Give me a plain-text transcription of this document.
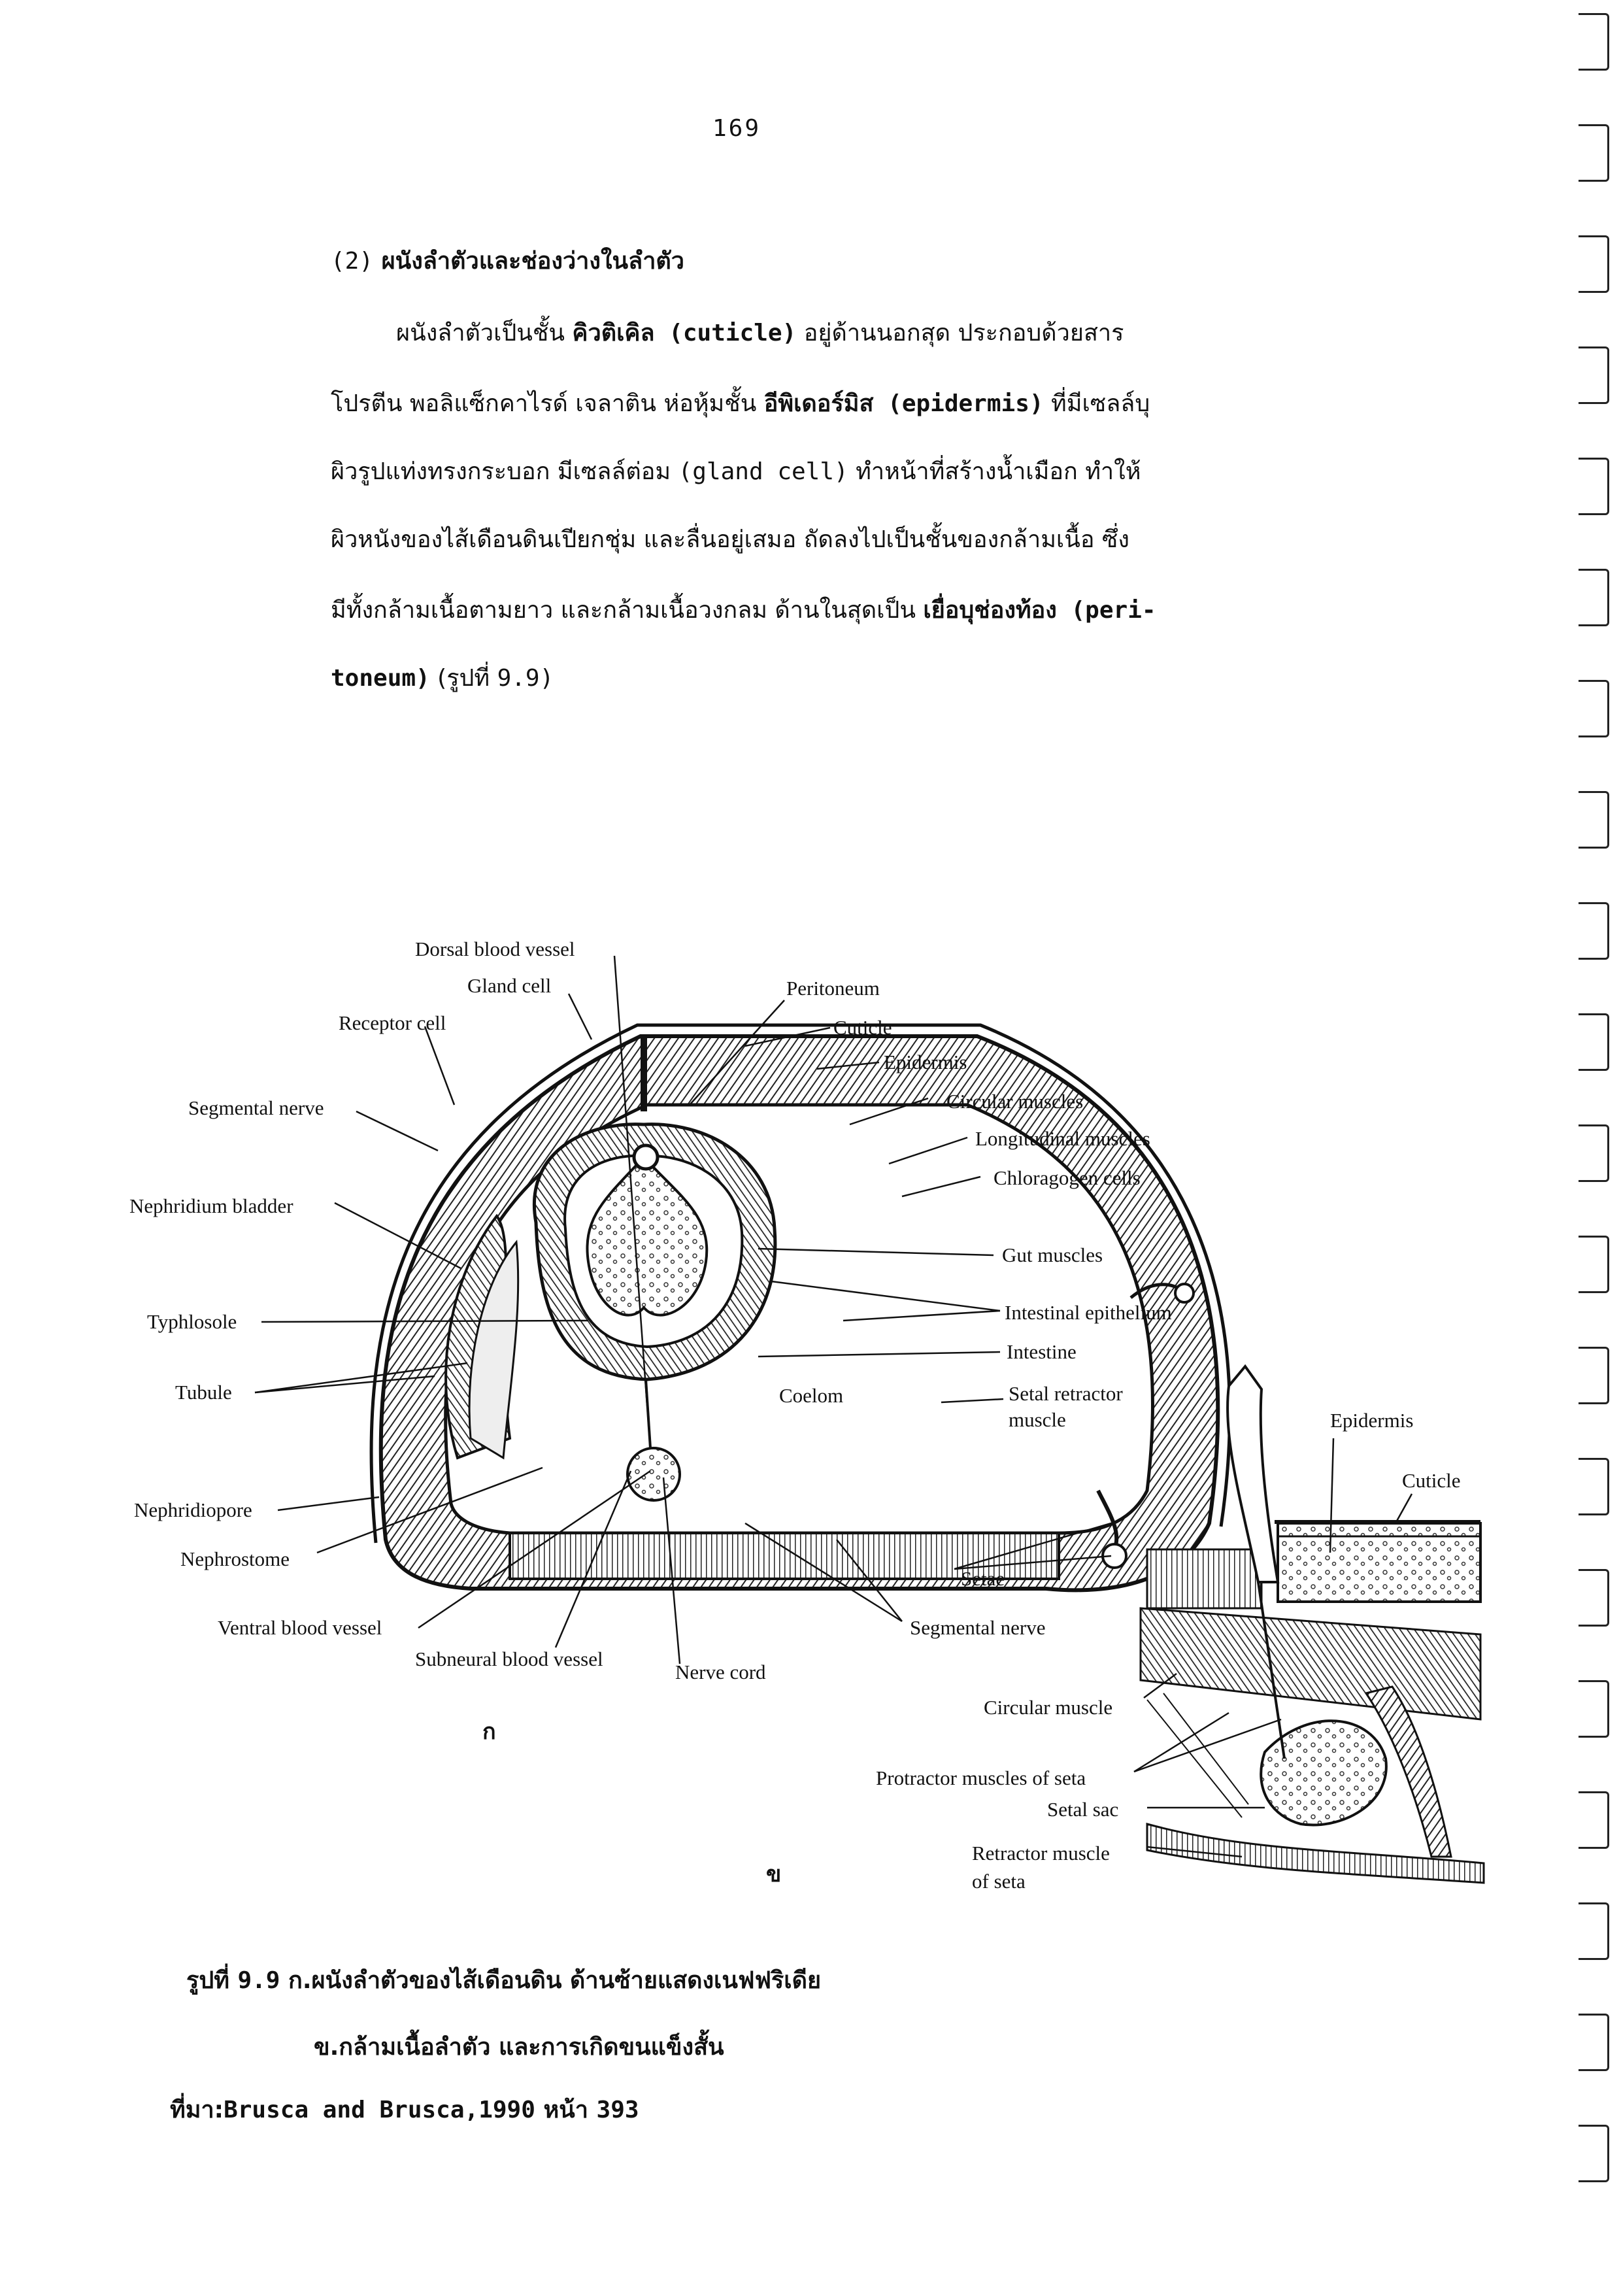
169
(2) ผนังลำตัวและช่องว่างในลำตัว
ผนังลำตัวเป็นชั้น คิวติเคิล (cuticle) อยู่ด้านนอกสุด ประกอบด้วยสาร
โปรตีน พอลิแซ็กคาไรด์ เจลาติน ห่อหุ้มชั้น อีพิเดอร์มิส (epidermis) ที่มีเซลล์บุ
ผิวรูปแท่งทรงกระบอก มีเซลล์ต่อม (gland cell) ทำหน้าที่สร้างน้ำเมือก ทำให้
ผิวหนังของไส้เดือนดินเปียกชุ่ม และลื่นอยู่เสมอ ถัดลงไปเป็นชั้นของกล้ามเนื้อ ซึ่ง
มีทั้งกล้ามเนื้อตามยาว และกล้ามเนื้อวงกลม ด้านในสุดเป็น เยื่อบุช่องท้อง (peri-
toneum) (รูปที่ 9.9)
Dorsal blood vessel
Gland cell
Receptor cell
Segmental nerve
Nephridium bladder
Typhlosole
Tubule
Nephridiopore
Nephrostome
Ventral blood vessel
Subneural blood vessel
Nerve cord
Peritoneum
Cuticle
Epidermis
Circular muscles
Longitudinal muscles
Chloragogen cells
Gut muscles
Intestinal epithelium
Intestine
Coelom	Setal retractor
muscle
Setae
Segmental nerve
ก
Epidermis
Cuticle
Circular muscle
Protractor muscles of seta
Setal sac
Retractor muscle
of seta
ข
รูปที่ 9.9 ก.ผนังลำตัวของไส้เดือนดิน ด้านซ้ายแสดงเนฟฟริเดีย
ข.กล้ามเนื้อลำตัว และการเกิดขนแข็งสั้น
ที่มา:Brusca and Brusca,1990 หน้า 393
